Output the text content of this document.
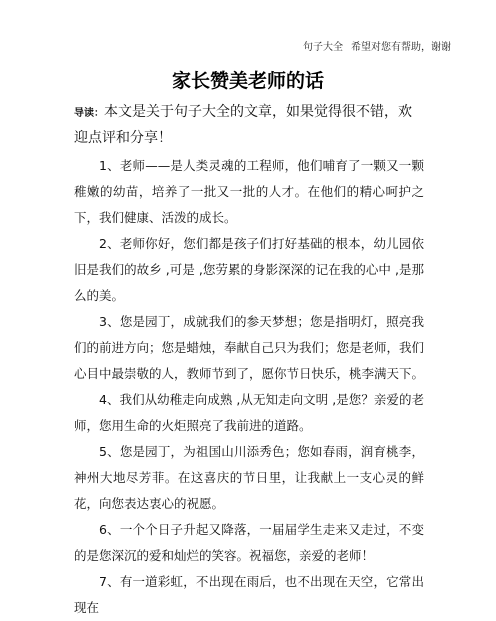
句子大全 希望对您有帮助，谢谢
家长赞美老师的话

导读：本文是关于句子大全的文章，如果觉得很不错，欢迎点评和分享！

1、老师——是人类灵魂的工程师，他们哺育了一颗又一颗稚嫩的幼苗，培养了一批又一批的人才。在他们的精心呵护之下，我们健康、活泼的成长。

2、老师你好，您们都是孩子们打好基础的根本，幼儿园依旧是我们的故乡 ,可是 ,您劳累的身影深深的记在我的心中 ,是那么的美。

3、您是园丁，成就我们的参天梦想；您是指明灯，照亮我们的前进方向；您是蜡烛，奉献自己只为我们；您是老师，我们心目中最崇敬的人，教师节到了，愿你节日快乐，桃李满天下。

4、我们从幼稚走向成熟 ,从无知走向文明 ,是您？亲爱的老师，您用生命的火炬照亮了我前进的道路。

5、您是园丁，为祖国山川添秀色；您如春雨，润育桃李，神州大地尽芳菲。在这喜庆的节日里，让我献上一支心灵的鲜花，向您表达衷心的祝愿。

6、一个个日子升起又降落，一届届学生走来又走过，不变的是您深沉的爱和灿烂的笑容。祝福您，亲爱的老师！

7、有一道彩虹，不出现在雨后，也不出现在天空，它常出现在
